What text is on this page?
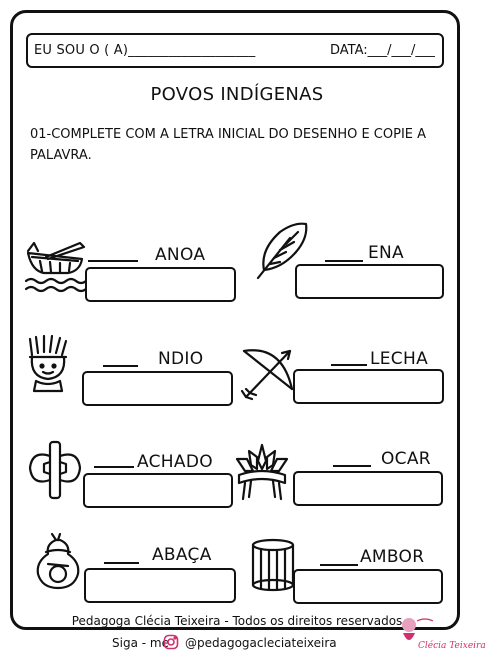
EU SOU O ( A)___________________	DATA:___/___/___
POVOS INDÍGENAS
01-COMPLETE COM A LETRA INICIAL DO DESENHO E COPIE A PALAVRA.
ANOA	ENA
NDIO	LECHA
ACHADO	OCAR
ABAÇA	AMBOR
Pedagoga Clécia Teixeira - Todos os direitos reservados
Siga - me @pedagogacleciateixeira	Clécia Teixeira
